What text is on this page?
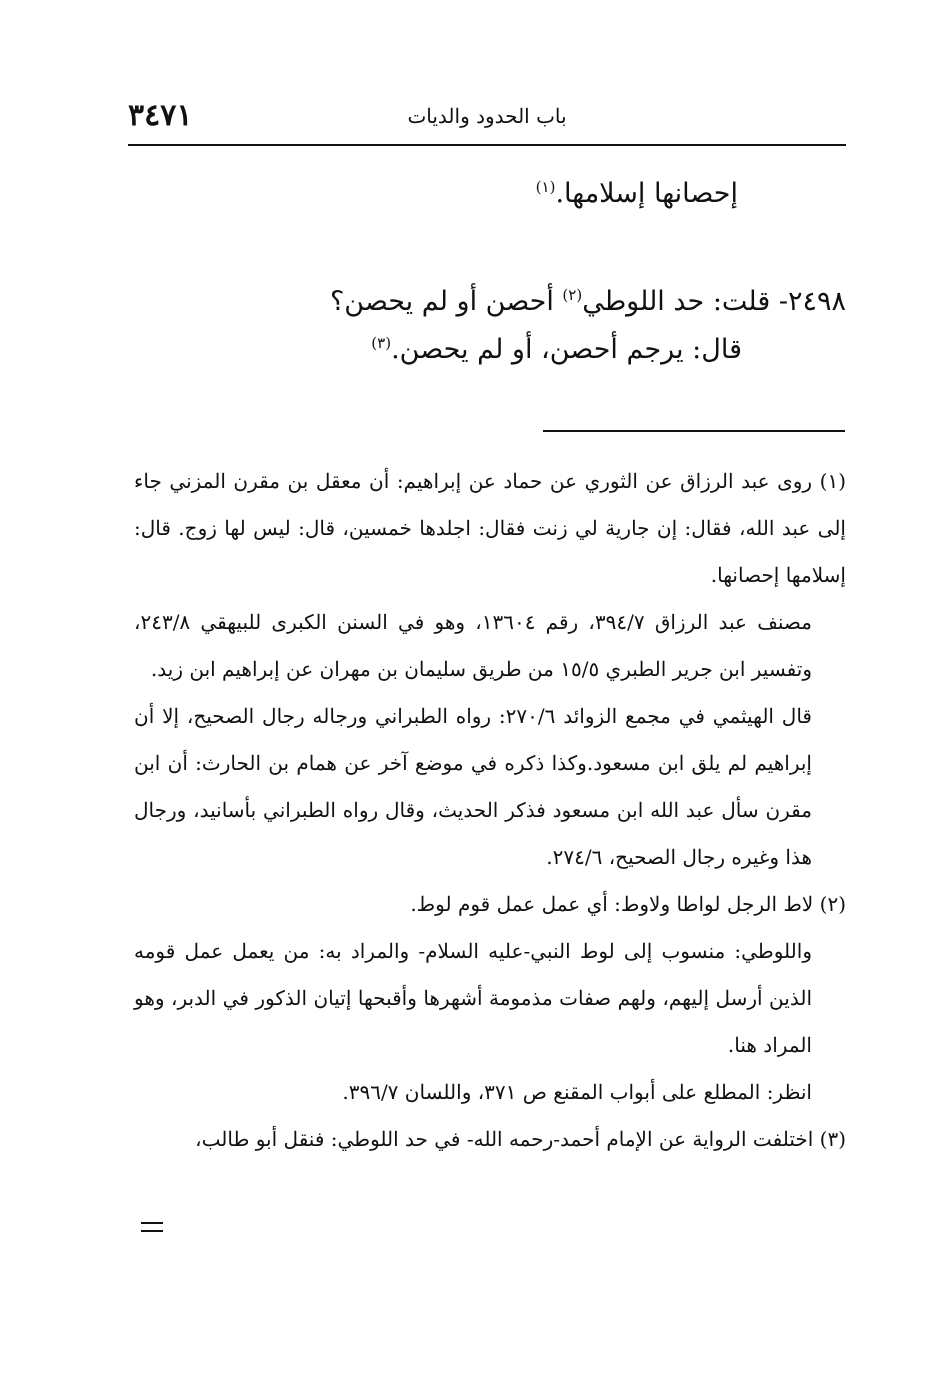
٣٤٧١	باب الحدود والديات
إحصانها إسلامها.$^{(١)}$
٢٤٩٨- قلت: حد اللوطي$^{(٢)}$ أحصن أو لم يحصن؟
قال: يرجم أحصن، أو لم يحصن.$^{(٣)}$

(١) روى عبد الرزاق عن الثوري عن حماد عن إبراهيم: أن معقل بن مقرن المزني جاء إلى عبد الله، فقال: إن جارية لي زنت فقال: اجلدها خمسين، قال: ليس لها زوج. قال: إسلامها إحصانها.

مصنف عبد الرزاق ٣٩٤/٧، رقم ١٣٦٠٤، وهو في السنن الكبرى للبيهقي ٢٤٣/٨، وتفسير ابن جرير الطبري ١٥/٥ من طريق سليمان بن مهران عن إبراهيم ابن زيد.

قال الهيثمي في مجمع الزوائد ٢٧٠/٦: رواه الطبراني ورجاله رجال الصحيح، إلا أن إبراهيم لم يلق ابن مسعود.وكذا ذكره في موضع آخر عن همام بن الحارث: أن ابن مقرن سأل عبد الله ابن مسعود فذكر الحديث، وقال رواه الطبراني بأسانيد، ورجال هذا وغيره رجال الصحيح، ٢٧٤/٦.

(٢) لاط الرجل لواطا ولاوط: أي عمل عمل قوم لوط.

واللوطي: منسوب إلى لوط النبي-عليه السلام- والمراد به: من يعمل عمل قومه الذين أرسل إليهم، ولهم صفات مذمومة أشهرها وأقبحها إتيان الذكور في الدبر، وهو المراد هنا.

انظر: المطلع على أبواب المقنع ص ٣٧١، واللسان ٣٩٦/٧.

(٣) اختلفت الرواية عن الإمام أحمد-رحمه الله- في حد اللوطي: فنقل أبو طالب،
